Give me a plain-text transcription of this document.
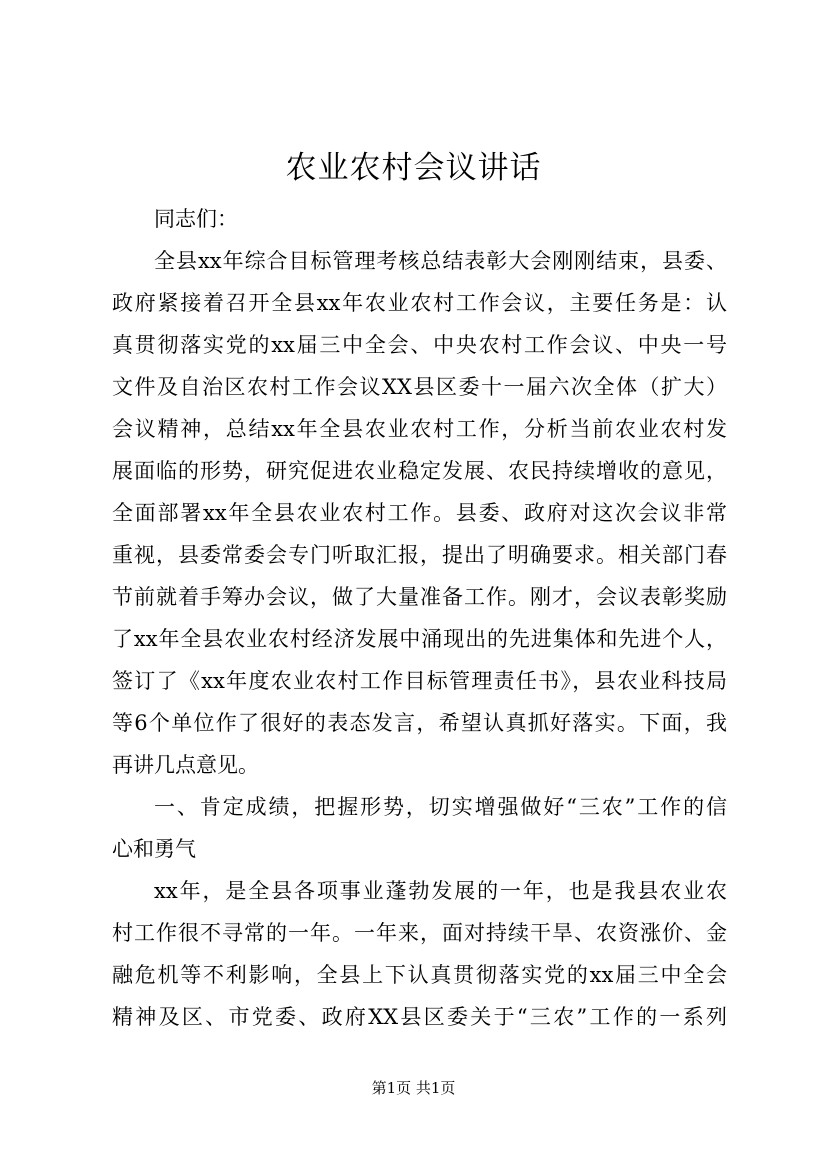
农业农村会议讲话
同志们：
全县xx年综合目标管理考核总结表彰大会刚刚结束，县委、
政府紧接着召开全县xx年农业农村工作会议，主要任务是：认
真贯彻落实党的xx届三中全会、中央农村工作会议、中央一号
文件及自治区农村工作会议XX县区委十一届六次全体（扩大）
会议精神，总结xx年全县农业农村工作，分析当前农业农村发
展面临的形势，研究促进农业稳定发展、农民持续增收的意见，
全面部署xx年全县农业农村工作。县委、政府对这次会议非常
重视，县委常委会专门听取汇报，提出了明确要求。相关部门春
节前就着手筹办会议，做了大量准备工作。刚才，会议表彰奖励
了xx年全县农业农村经济发展中涌现出的先进集体和先进个人，
签订了《xx年度农业农村工作目标管理责任书》，县农业科技局
等6个单位作了很好的表态发言，希望认真抓好落实。下面，我
再讲几点意见。
一、肯定成绩，把握形势，切实增强做好“三农”工作的信
心和勇气
xx年，是全县各项事业蓬勃发展的一年，也是我县农业农
村工作很不寻常的一年。一年来，面对持续干旱、农资涨价、金
融危机等不利影响，全县上下认真贯彻落实党的xx届三中全会
精神及区、市党委、政府XX县区委关于“三农”工作的一系列
第1页 共1页
